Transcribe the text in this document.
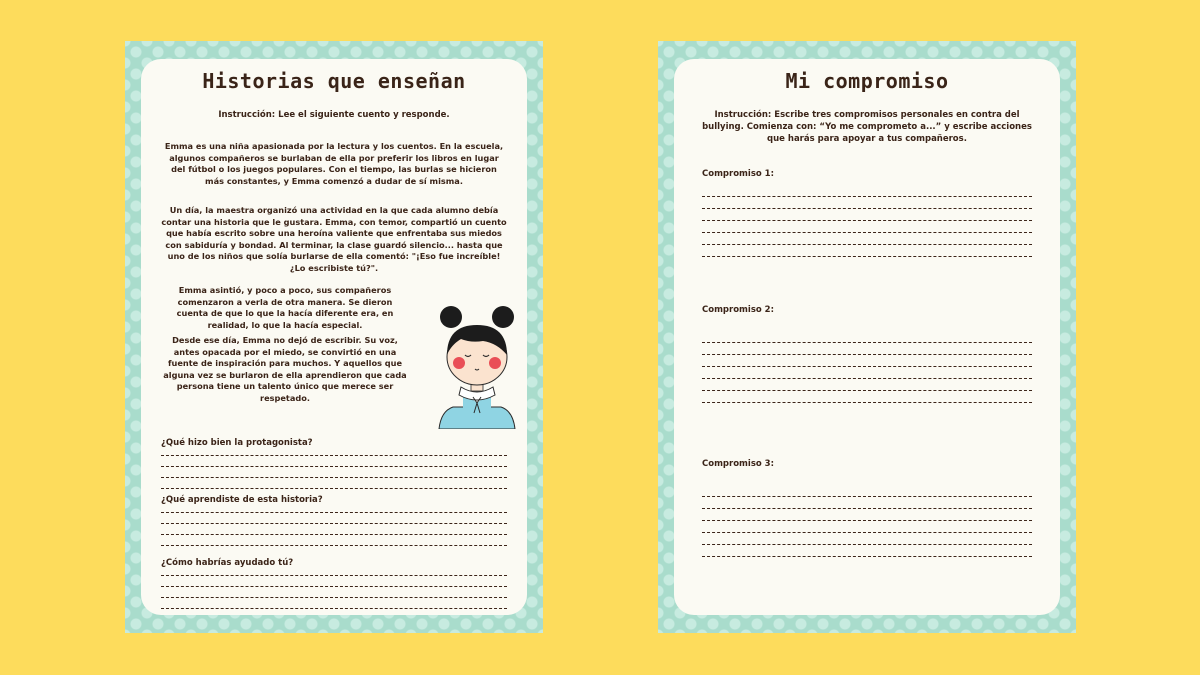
Historias que enseñan

Instrucción: Lee el siguiente cuento y responde.

Emma es una niña apasionada por la lectura y los cuentos. En la escuela, algunos compañeros se burlaban de ella por preferir los libros en lugar del fútbol o los juegos populares. Con el tiempo, las burlas se hicieron más constantes, y Emma comenzó a dudar de sí misma.

Un día, la maestra organizó una actividad en la que cada alumno debía contar una historia que le gustara. Emma, con temor, compartió un cuento que había escrito sobre una heroína valiente que enfrentaba sus miedos con sabiduría y bondad. Al terminar, la clase guardó silencio... hasta que uno de los niños que solía burlarse de ella comentó: "¡Eso fue increíble! ¿Lo escribiste tú?".

Emma asintió, y poco a poco, sus compañeros comenzaron a verla de otra manera. Se dieron cuenta de que lo que la hacía diferente era, en realidad, lo que la hacía especial.

Desde ese día, Emma no dejó de escribir. Su voz, antes opacada por el miedo, se convirtió en una fuente de inspiración para muchos. Y aquellos que alguna vez se burlaron de ella aprendieron que cada persona tiene un talento único que merece ser respetado.

¿Qué hizo bien la protagonista?

¿Qué aprendiste de esta historia?

¿Cómo habrías ayudado tú?

Mi compromiso

Instrucción: Escribe tres compromisos personales en contra del bullying. Comienza con: “Yo me comprometo a...” y escribe acciones que harás para apoyar a tus compañeros.

Compromiso 1:

Compromiso 2:

Compromiso 3:
